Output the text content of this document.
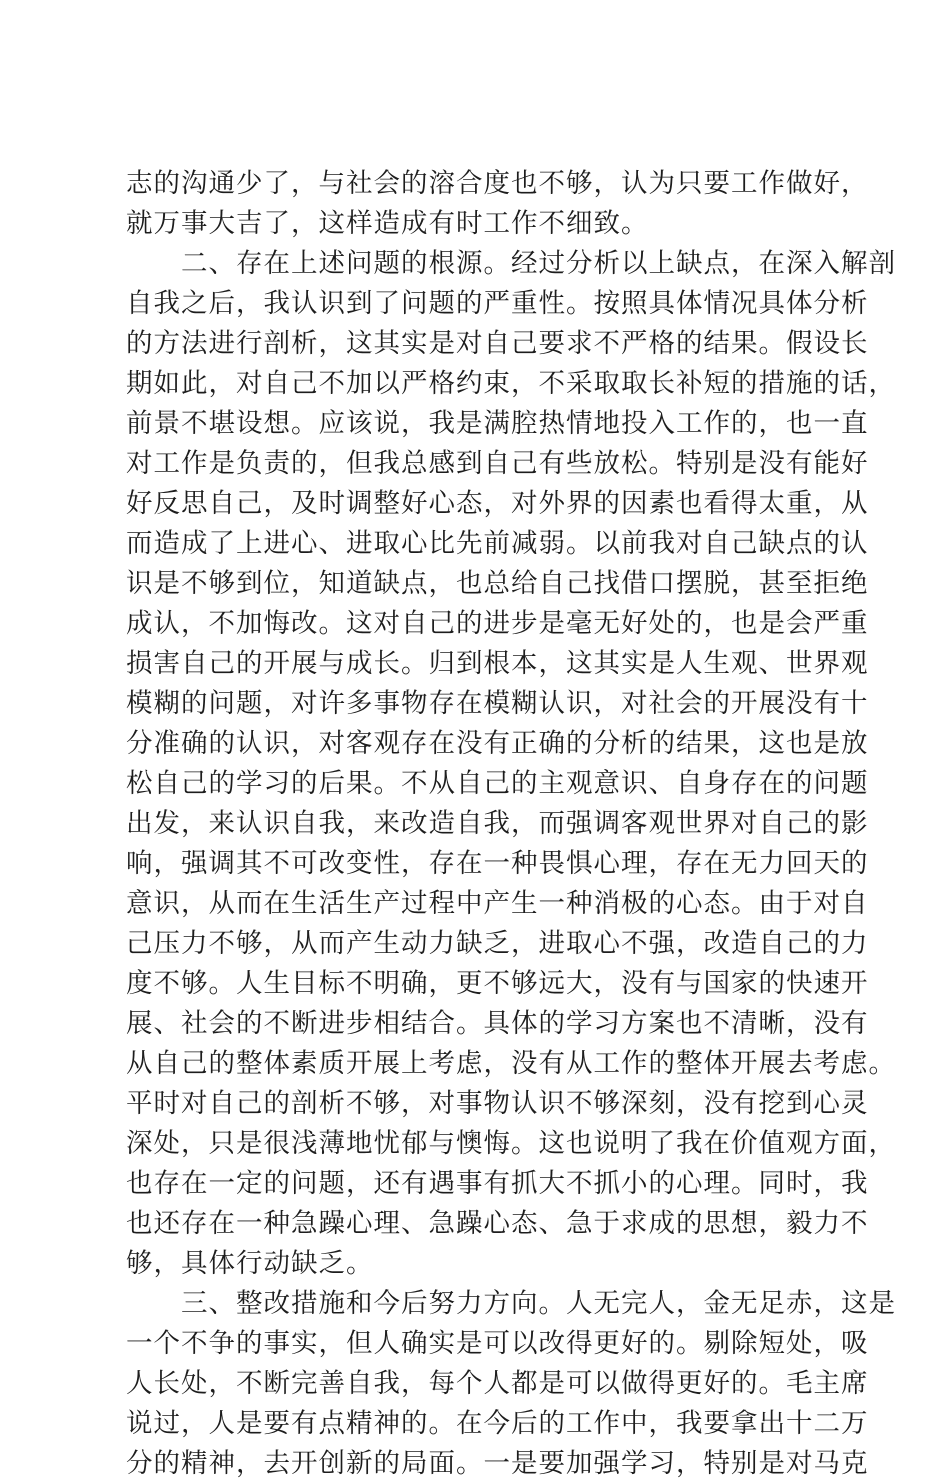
志的沟通少了，与社会的溶合度也不够，认为只要工作做好，
就万事大吉了，这样造成有时工作不细致。
　　二、存在上述问题的根源。经过分析以上缺点，在深入解剖
自我之后，我认识到了问题的严重性。按照具体情况具体分析
的方法进行剖析，这其实是对自己要求不严格的结果。假设长
期如此，对自己不加以严格约束，不采取取长补短的措施的话，
前景不堪设想。应该说，我是满腔热情地投入工作的，也一直
对工作是负责的，但我总感到自己有些放松。特别是没有能好
好反思自己，及时调整好心态，对外界的因素也看得太重，从
而造成了上进心、进取心比先前减弱。以前我对自己缺点的认
识是不够到位，知道缺点，也总给自己找借口摆脱，甚至拒绝
成认，不加悔改。这对自己的进步是毫无好处的，也是会严重
损害自己的开展与成长。归到根本，这其实是人生观、世界观
模糊的问题，对许多事物存在模糊认识，对社会的开展没有十
分准确的认识，对客观存在没有正确的分析的结果，这也是放
松自己的学习的后果。不从自己的主观意识、自身存在的问题
出发，来认识自我，来改造自我，而强调客观世界对自己的影
响，强调其不可改变性，存在一种畏惧心理，存在无力回天的
意识，从而在生活生产过程中产生一种消极的心态。由于对自
己压力不够，从而产生动力缺乏，进取心不强，改造自己的力
度不够。人生目标不明确，更不够远大，没有与国家的快速开
展、社会的不断进步相结合。具体的学习方案也不清晰，没有
从自己的整体素质开展上考虑，没有从工作的整体开展去考虑。
平时对自己的剖析不够，对事物认识不够深刻，没有挖到心灵
深处，只是很浅薄地忧郁与懊悔。这也说明了我在价值观方面，
也存在一定的问题，还有遇事有抓大不抓小的心理。同时，我
也还存在一种急躁心理、急躁心态、急于求成的思想，毅力不
够，具体行动缺乏。
　　三、整改措施和今后努力方向。人无完人，金无足赤，这是
一个不争的事实，但人确实是可以改得更好的。剔除短处，吸
人长处，不断完善自我，每个人都是可以做得更好的。毛主席
说过，人是要有点精神的。在今后的工作中，我要拿出十二万
分的精神，去开创新的局面。一是要加强学习，特别是对马克
